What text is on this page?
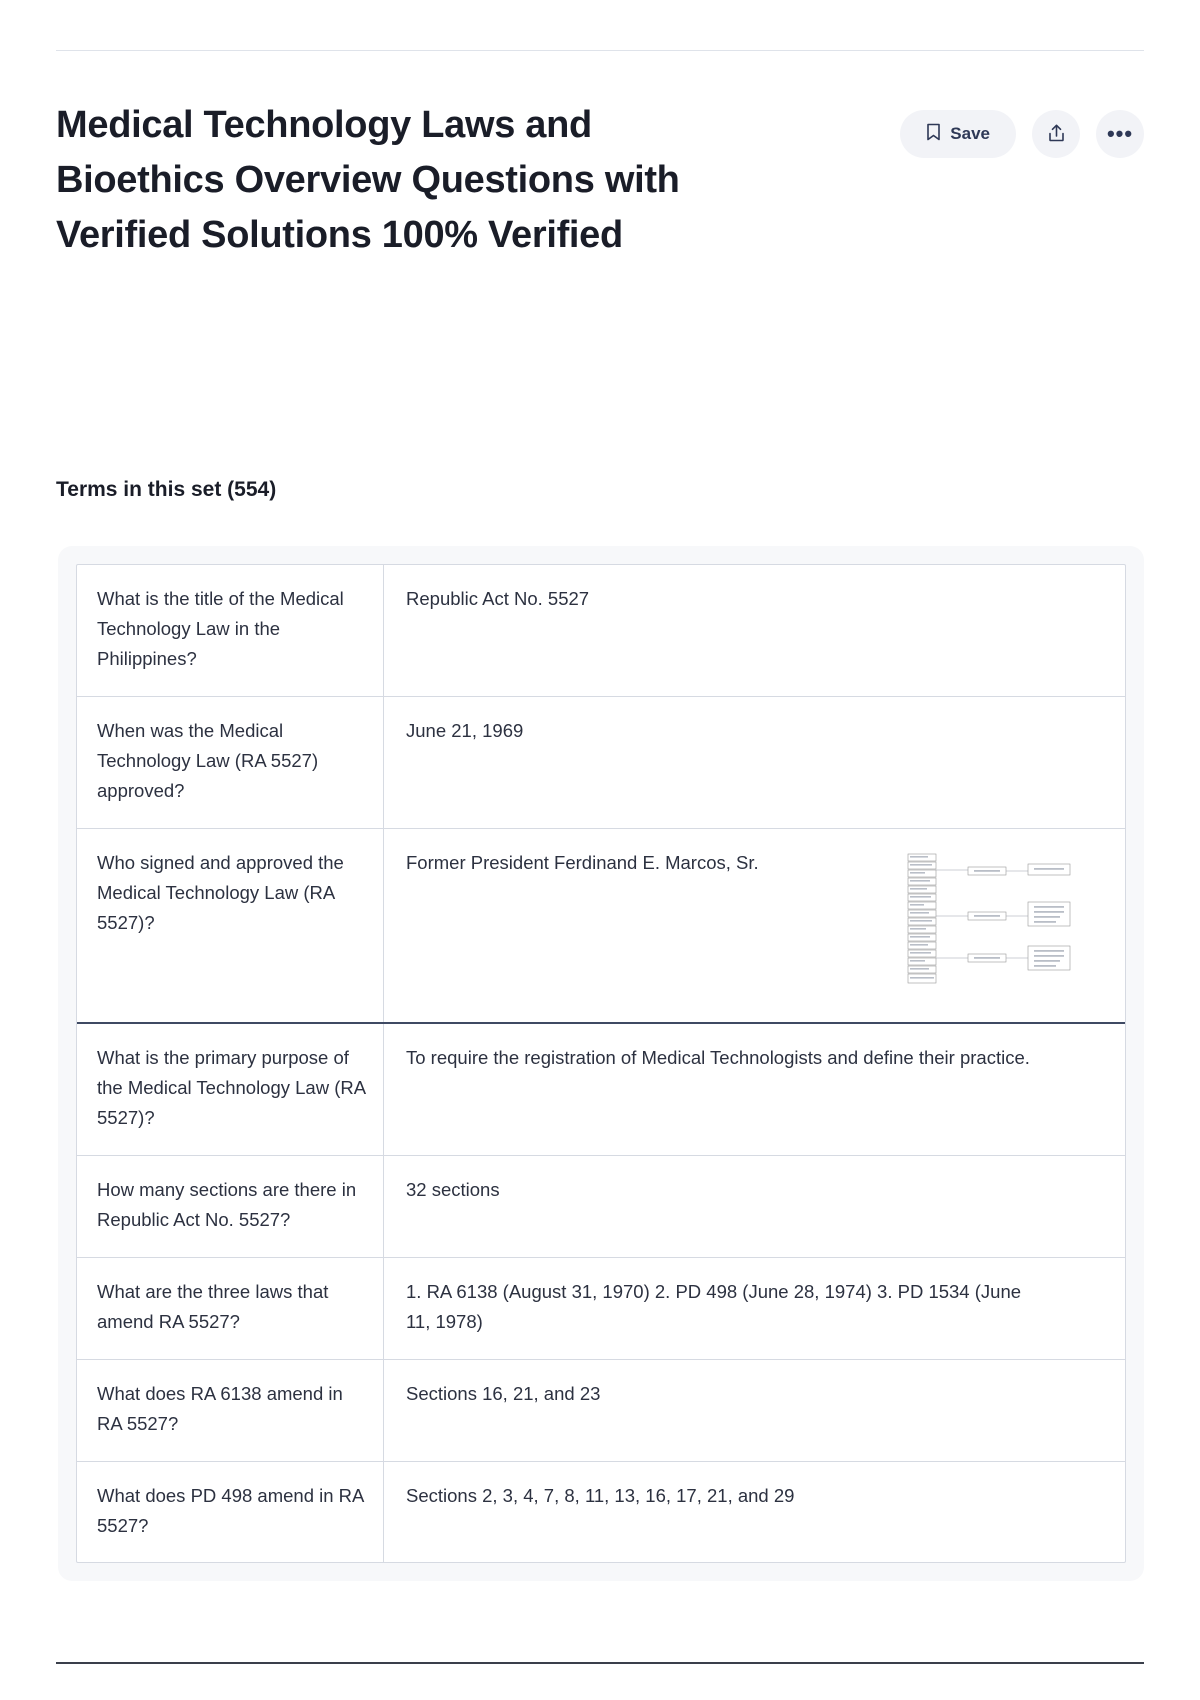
Medical Technology Laws and Bioethics Overview Questions with Verified Solutions 100% Verified
Save	•••
Terms in this set (554)
What is the title of the Medical Technology Law in the Philippines?
Republic Act No. 5527
When was the Medical Technology Law (RA 5527) approved?
June 21, 1969
Who signed and approved the Medical Technology Law (RA 5527)?
Former President Ferdinand E. Marcos, Sr.
What is the primary purpose of the Medical Technology Law (RA 5527)?
To require the registration of Medical Technologists and define their practice.
How many sections are there in Republic Act No. 5527?
32 sections
What are the three laws that amend RA 5527?
1. RA 6138 (August 31, 1970) 2. PD 498 (June 28, 1974) 3. PD 1534 (June 11, 1978)
What does RA 6138 amend in RA 5527?
Sections 16, 21, and 23
What does PD 498 amend in RA 5527?
Sections 2, 3, 4, 7, 8, 11, 13, 16, 17, 21, and 29
